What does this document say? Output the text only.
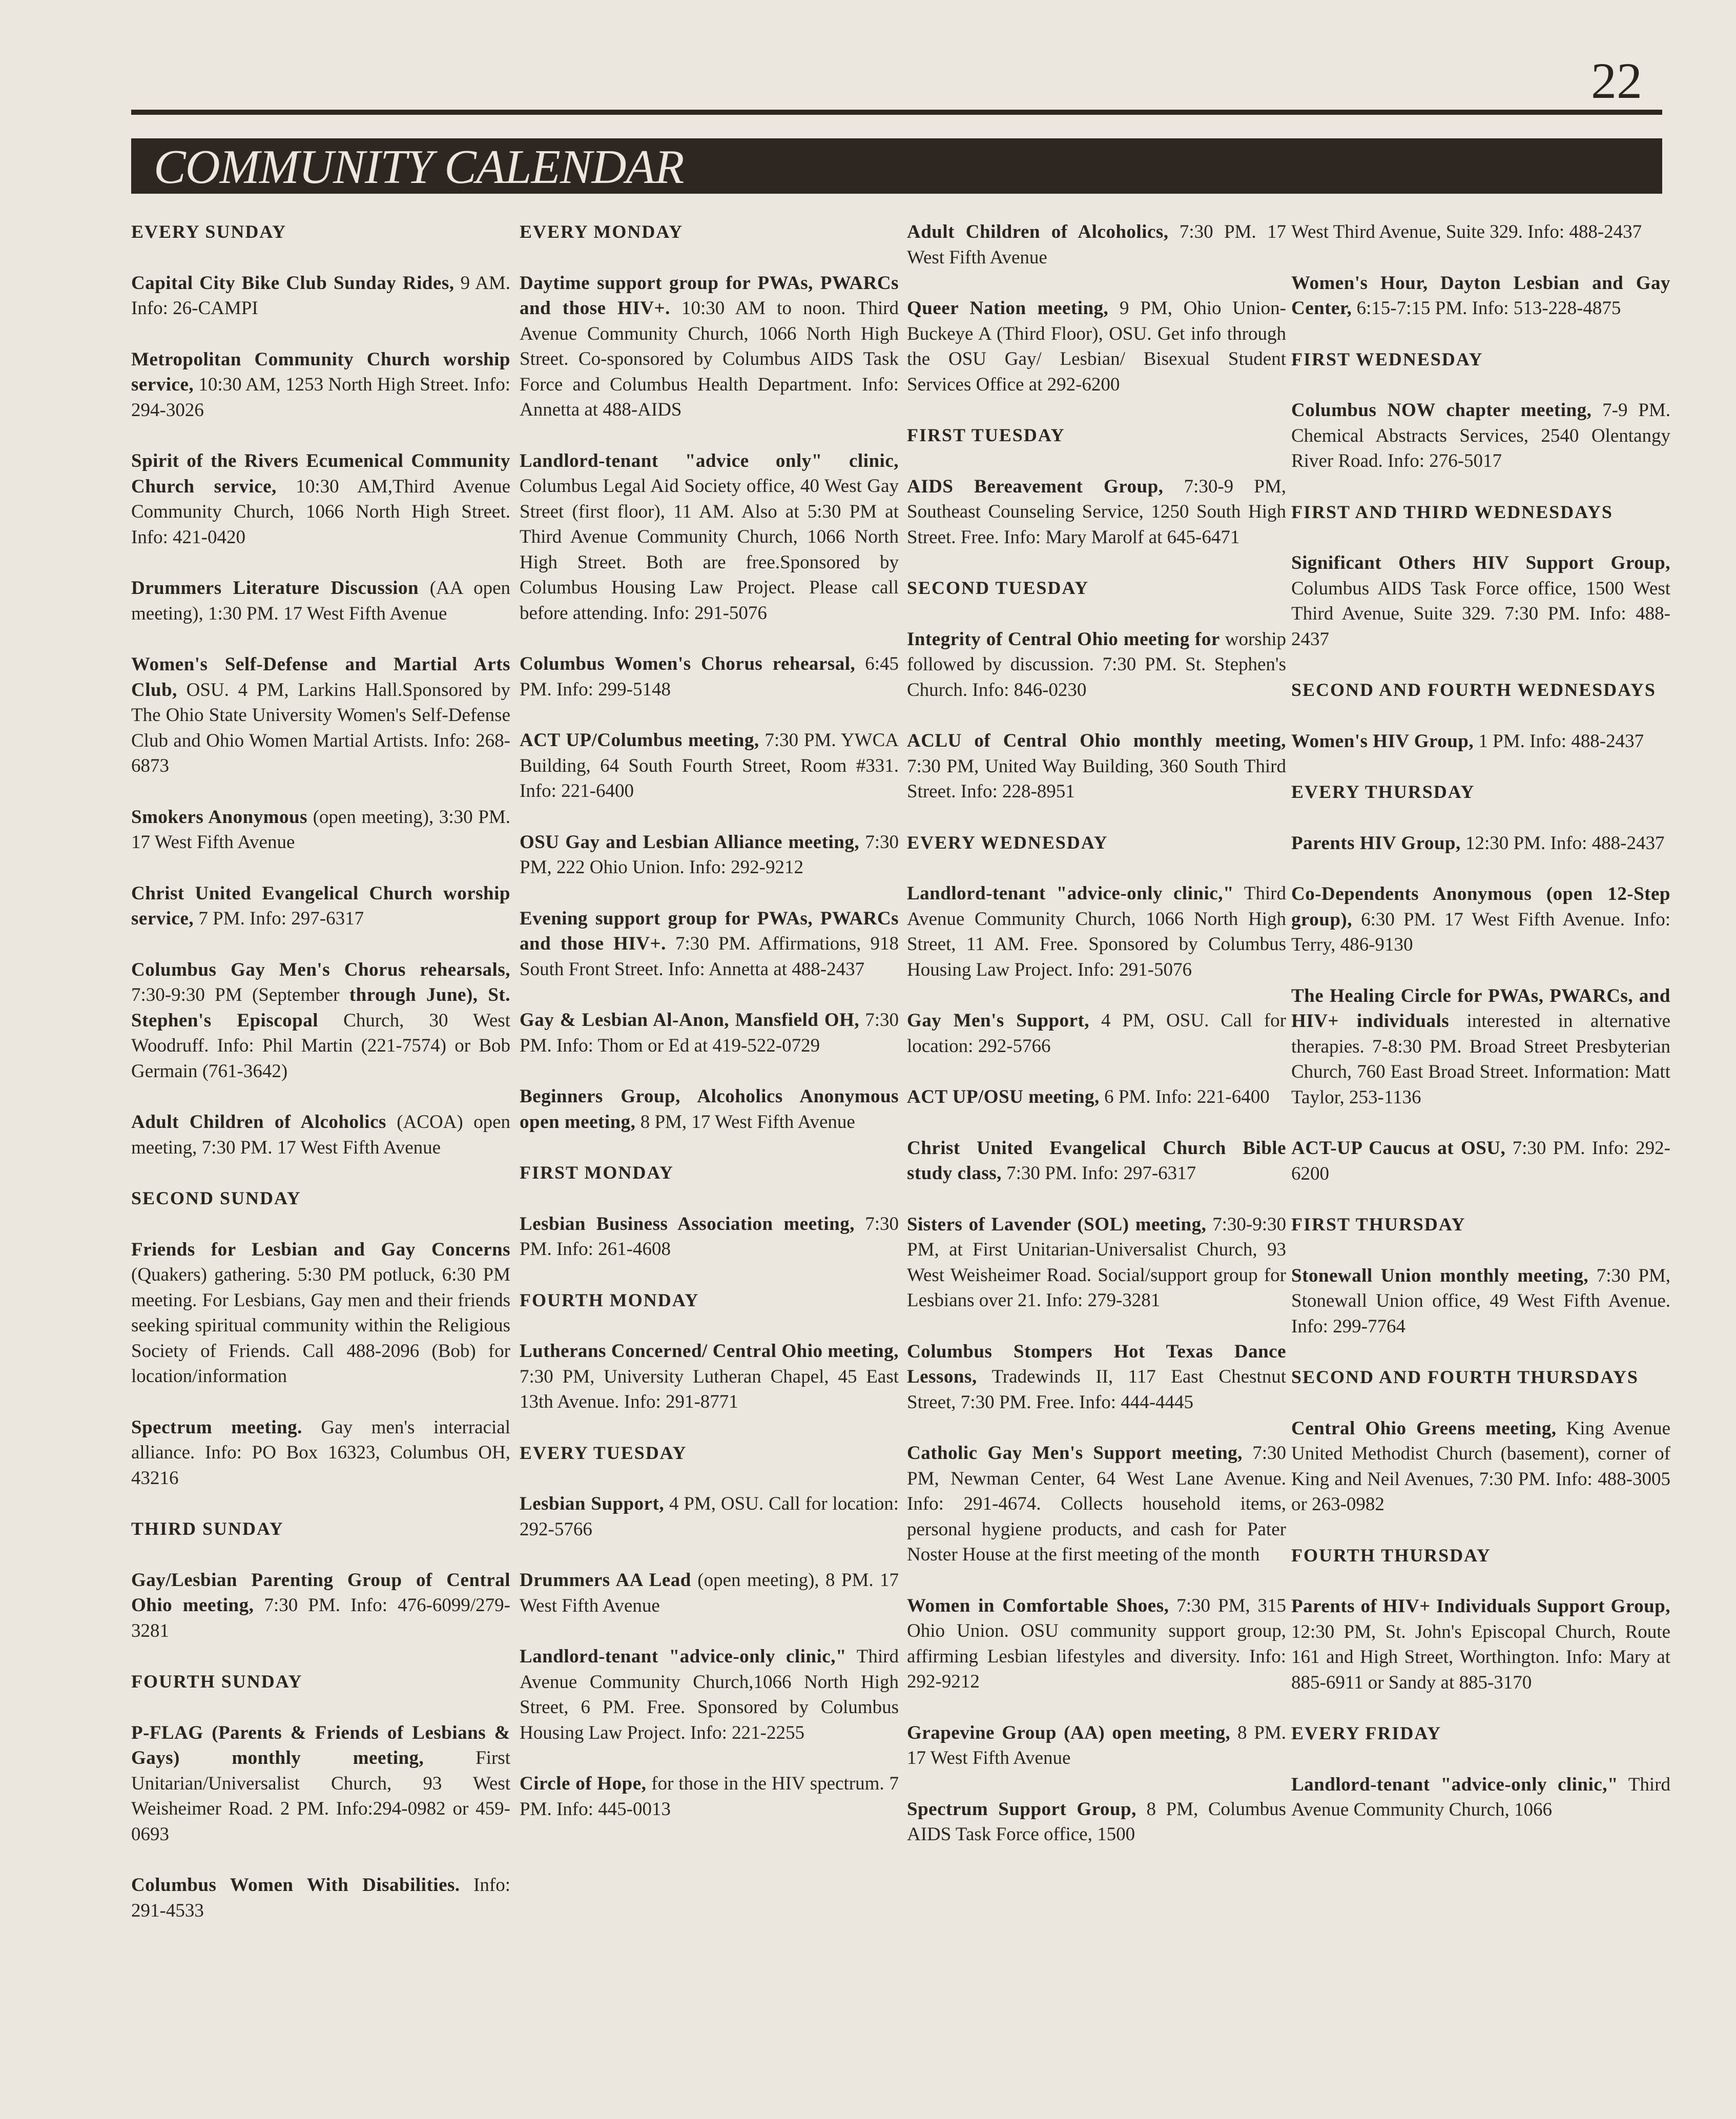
22
COMMUNITY CALENDAR
EVERY SUNDAY
Capital City Bike Club Sunday Rides, 9 AM. Info: 26-CAMPI
Metropolitan Community Church worship service, 10:30 AM, 1253 North High Street. Info: 294-3026
Spirit of the Rivers Ecumenical Community Church service, 10:30 AM,Third Avenue Community Church, 1066 North High Street. Info: 421-0420
Drummers Literature Discussion (AA open meeting), 1:30 PM. 17 West Fifth Avenue
Women's Self-Defense and Martial Arts Club, OSU. 4 PM, Larkins Hall.Sponsored by The Ohio State University Women's Self-Defense Club and Ohio Women Martial Artists. Info: 268-6873
Smokers Anonymous (open meeting), 3:30 PM. 17 West Fifth Avenue
Christ United Evangelical Church worship service, 7 PM. Info: 297-6317
Columbus Gay Men's Chorus rehearsals, 7:30-9:30 PM (September through June), St. Stephen's Episcopal Church, 30 West Woodruff. Info: Phil Martin (221-7574) or Bob Germain (761-3642)
Adult Children of Alcoholics (ACOA) open meeting, 7:30 PM. 17 West Fifth Avenue
SECOND SUNDAY
Friends for Lesbian and Gay Concerns (Quakers) gathering. 5:30 PM potluck, 6:30 PM meeting. For Lesbians, Gay men and their friends seeking spiritual community within the Religious Society of Friends. Call 488-2096 (Bob) for location/information
Spectrum meeting. Gay men's interracial alliance. Info: PO Box 16323, Columbus OH, 43216
THIRD SUNDAY
Gay/Lesbian Parenting Group of Central Ohio meeting, 7:30 PM. Info: 476-6099/279-3281
FOURTH SUNDAY
P-FLAG (Parents & Friends of Lesbians & Gays) monthly meeting, First Unitarian/Universalist Church, 93 West Weisheimer Road. 2 PM. Info:294-0982 or 459-0693
Columbus Women With Disabilities. Info: 291-4533
EVERY MONDAY
Daytime support group for PWAs, PWARCs and those HIV+. 10:30 AM to noon. Third Avenue Community Church, 1066 North High Street. Co-sponsored by Columbus AIDS Task Force and Columbus Health Department. Info: Annetta at 488-AIDS
Landlord-tenant "advice only" clinic, Columbus Legal Aid Society office, 40 West Gay Street (first floor), 11 AM. Also at 5:30 PM at Third Avenue Community Church, 1066 North High Street. Both are free.Sponsored by Columbus Housing Law Project. Please call before attending. Info: 291-5076
Columbus Women's Chorus rehearsal, 6:45 PM. Info: 299-5148
ACT UP/Columbus meeting, 7:30 PM. YWCA Building, 64 South Fourth Street, Room #331. Info: 221-6400
OSU Gay and Lesbian Alliance meeting, 7:30 PM, 222 Ohio Union. Info: 292-9212
Evening support group for PWAs, PWARCs and those HIV+. 7:30 PM. Affirmations, 918 South Front Street. Info: Annetta at 488-2437
Gay & Lesbian Al-Anon, Mansfield OH, 7:30 PM. Info: Thom or Ed at 419-522-0729
Beginners Group, Alcoholics Anonymous open meeting, 8 PM, 17 West Fifth Avenue
FIRST MONDAY
Lesbian Business Association meeting, 7:30 PM. Info: 261-4608
FOURTH MONDAY
Lutherans Concerned/ Central Ohio meeting, 7:30 PM, University Lutheran Chapel, 45 East 13th Avenue. Info: 291-8771
EVERY TUESDAY
Lesbian Support, 4 PM, OSU. Call for location: 292-5766
Drummers AA Lead (open meeting), 8 PM. 17 West Fifth Avenue
Landlord-tenant "advice-only clinic," Third Avenue Community Church,1066 North High Street, 6 PM. Free. Sponsored by Columbus Housing Law Project. Info: 221-2255
Circle of Hope, for those in the HIV spectrum. 7 PM. Info: 445-0013
Adult Children of Alcoholics, 7:30 PM. 17 West Fifth Avenue
Queer Nation meeting, 9 PM, Ohio Union-Buckeye A (Third Floor), OSU. Get info through the OSU Gay/ Lesbian/ Bisexual Student Services Office at 292-6200
FIRST TUESDAY
AIDS Bereavement Group, 7:30-9 PM, Southeast Counseling Service, 1250 South High Street. Free. Info: Mary Marolf at 645-6471
SECOND TUESDAY
Integrity of Central Ohio meeting for worship followed by discussion. 7:30 PM. St. Stephen's Church. Info: 846-0230
ACLU of Central Ohio monthly meeting, 7:30 PM, United Way Building, 360 South Third Street. Info: 228-8951
EVERY WEDNESDAY
Landlord-tenant "advice-only clinic," Third Avenue Community Church, 1066 North High Street, 11 AM. Free. Sponsored by Columbus Housing Law Project. Info: 291-5076
Gay Men's Support, 4 PM, OSU. Call for location: 292-5766
ACT UP/OSU meeting, 6 PM. Info: 221-6400
Christ United Evangelical Church Bible study class, 7:30 PM. Info: 297-6317
Sisters of Lavender (SOL) meeting, 7:30-9:30 PM, at First Unitarian-Universalist Church, 93 West Weisheimer Road. Social/support group for Lesbians over 21. Info: 279-3281
Columbus Stompers Hot Texas Dance Lessons, Tradewinds II, 117 East Chestnut Street, 7:30 PM. Free. Info: 444-4445
Catholic Gay Men's Support meeting, 7:30 PM, Newman Center, 64 West Lane Avenue. Info: 291-4674. Collects household items, personal hygiene products, and cash for Pater Noster House at the first meeting of the month
Women in Comfortable Shoes, 7:30 PM, 315 Ohio Union. OSU community support group, affirming Lesbian lifestyles and diversity. Info: 292-9212
Grapevine Group (AA) open meeting, 8 PM. 17 West Fifth Avenue
Spectrum Support Group, 8 PM, Columbus AIDS Task Force office, 1500
West Third Avenue, Suite 329. Info: 488-2437
Women's Hour, Dayton Lesbian and Gay Center, 6:15-7:15 PM. Info: 513-228-4875
FIRST WEDNESDAY
Columbus NOW chapter meeting, 7-9 PM. Chemical Abstracts Services, 2540 Olentangy River Road. Info: 276-5017
FIRST AND THIRD WEDNESDAYS
Significant Others HIV Support Group, Columbus AIDS Task Force office, 1500 West Third Avenue, Suite 329. 7:30 PM. Info: 488-2437
SECOND AND FOURTH WEDNESDAYS
Women's HIV Group, 1 PM. Info: 488-2437
EVERY THURSDAY
Parents HIV Group, 12:30 PM. Info: 488-2437
Co-Dependents Anonymous (open 12-Step group), 6:30 PM. 17 West Fifth Avenue. Info: Terry, 486-9130
The Healing Circle for PWAs, PWARCs, and HIV+ individuals interested in alternative therapies. 7-8:30 PM. Broad Street Presbyterian Church, 760 East Broad Street. Information: Matt Taylor, 253-1136
ACT-UP Caucus at OSU, 7:30 PM. Info: 292-6200
FIRST THURSDAY
Stonewall Union monthly meeting, 7:30 PM, Stonewall Union office, 49 West Fifth Avenue. Info: 299-7764
SECOND AND FOURTH THURSDAYS
Central Ohio Greens meeting, King Avenue United Methodist Church (basement), corner of King and Neil Avenues, 7:30 PM. Info: 488-3005 or 263-0982
FOURTH THURSDAY
Parents of HIV+ Individuals Support Group, 12:30 PM, St. John's Episcopal Church, Route 161 and High Street, Worthington. Info: Mary at 885-6911 or Sandy at 885-3170
EVERY FRIDAY
Landlord-tenant "advice-only clinic," Third Avenue Community Church, 1066
